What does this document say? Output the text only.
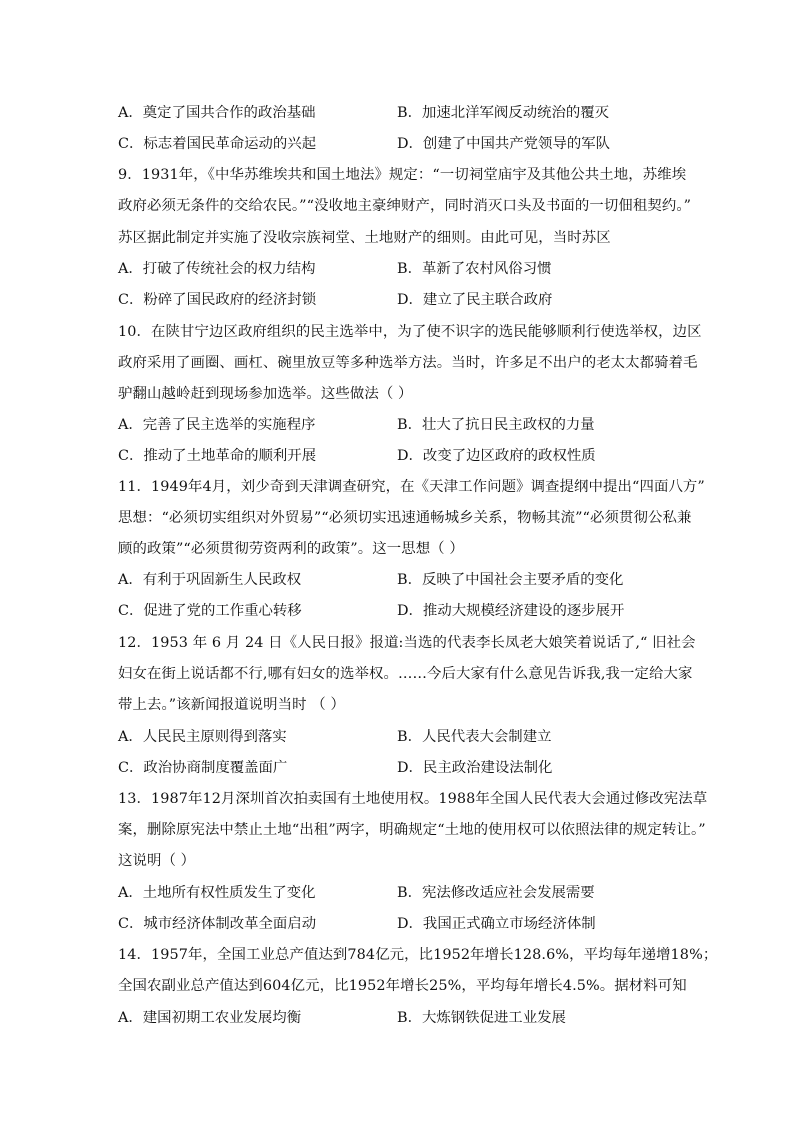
A．奠定了国共合作的政治基础	B．加速北洋军阀反动统治的覆灭
C．标志着国民革命运动的兴起	D．创建了中国共产党领导的军队
9．1931年，《中华苏维埃共和国土地法》规定：“一切祠堂庙宇及其他公共土地，苏维埃
政府必须无条件的交给农民。”“没收地主豪绅财产，同时消灭口头及书面的一切佃租契约。”
苏区据此制定并实施了没收宗族祠堂、土地财产的细则。由此可见，当时苏区
A．打破了传统社会的权力结构	B．革新了农村风俗习惯
C．粉碎了国民政府的经济封锁	D．建立了民主联合政府
10．在陕甘宁边区政府组织的民主选举中，为了使不识字的选民能够顺利行使选举权，边区
政府采用了画圈、画杠、碗里放豆等多种选举方法。当时，许多足不出户的老太太都骑着毛
驴翻山越岭赶到现场参加选举。这些做法（ ）
A．完善了民主选举的实施程序	B．壮大了抗日民主政权的力量
C．推动了土地革命的顺利开展	D．改变了边区政府的政权性质
11．1949年4月，刘少奇到天津调查研究，在《天津工作问题》调查提纲中提出“四面八方”
思想：“必须切实组织对外贸易”“必须切实迅速通畅城乡关系，物畅其流”“必须贯彻公私兼
顾的政策”“必须贯彻劳资两利的政策”。这一思想（ ）
A．有利于巩固新生人民政权	B．反映了中国社会主要矛盾的变化
C．促进了党的工作重心转移	D．推动大规模经济建设的逐步展开
12．1953 年 6 月 24 日《人民日报》报道:当选的代表李长凤老大娘笑着说话了,“ 旧社会
妇女在街上说话都不行,哪有妇女的选举权。……今后大家有什么意见告诉我,我一定给大家
带上去。”该新闻报道说明当时 （ ）
A．人民民主原则得到落实	B．人民代表大会制建立
C．政治协商制度覆盖面广	D．民主政治建设法制化
13．1987年12月深圳首次拍卖国有土地使用权。1988年全国人民代表大会通过修改宪法草
案，删除原宪法中禁止土地“出租”两字，明确规定“土地的使用权可以依照法律的规定转让。”
这说明（ ）
A．土地所有权性质发生了变化	B．宪法修改适应社会发展需要
C．城市经济体制改革全面启动	D．我国正式确立市场经济体制
14．1957年，全国工业总产值达到784亿元，比1952年增长128.6%，平均每年递增18%；
全国农副业总产值达到604亿元，比1952年增长25%，平均每年增长4.5%。据材料可知
A．建国初期工农业发展均衡	B．大炼钢铁促进工业发展
